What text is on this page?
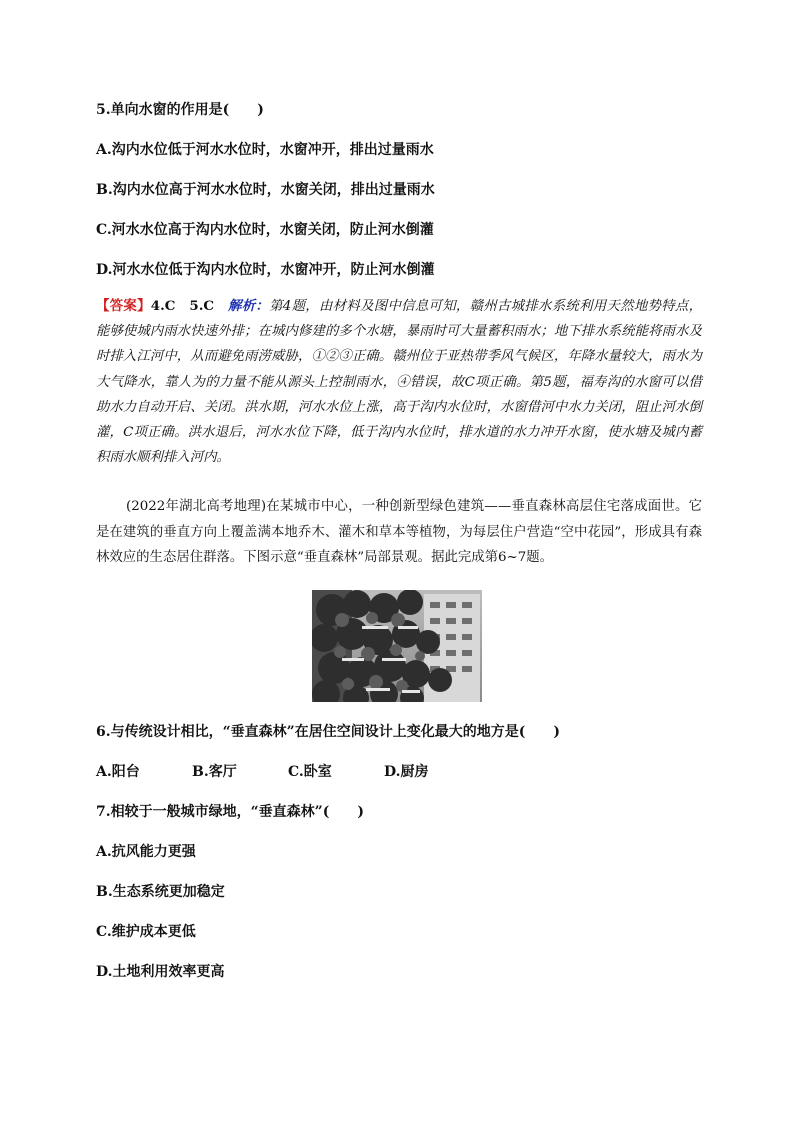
5.单向水窗的作用是(　　)
A.沟内水位低于河水水位时，水窗冲开，排出过量雨水
B.沟内水位高于河水水位时，水窗关闭，排出过量雨水
C.河水水位高于沟内水位时，水窗关闭，防止河水倒灌
D.河水水位低于沟内水位时，水窗冲开，防止河水倒灌
【答案】4.C　5.C　解析：第4题，由材料及图中信息可知，赣州古城排水系统利用天然地势特点，能够使城内雨水快速外排；在城内修建的多个水塘，暴雨时可大量蓄积雨水；地下排水系统能将雨水及时排入江河中，从而避免雨涝威胁，①②③正确。赣州位于亚热带季风气候区，年降水量较大，雨水为大气降水，靠人为的力量不能从源头上控制雨水，④错误，故C项正确。第5题，福寿沟的水窗可以借助水力自动开启、关闭。洪水期，河水水位上涨，高于沟内水位时，水窗借河中水力关闭，阻止河水倒灌，C项正确。洪水退后，河水水位下降，低于沟内水位时，排水道的水力冲开水窗，使水塘及城内蓄积雨水顺利排入河内。
(2022年湖北高考地理)在某城市中心，一种创新型绿色建筑——垂直森林高层住宅落成面世。它是在建筑的垂直方向上覆盖满本地乔木、灌木和草本等植物，为每层住户营造“空中花园”，形成具有森林效应的生态居住群落。下图示意“垂直森林”局部景观。据此完成第6~7题。
6.与传统设计相比，“垂直森林”在居住空间设计上变化最大的地方是(　　)
A.阳台	B.客厅	C.卧室	D.厨房
7.相较于一般城市绿地，“垂直森林”(　　)
A.抗风能力更强
B.生态系统更加稳定
C.维护成本更低
D.土地利用效率更高
